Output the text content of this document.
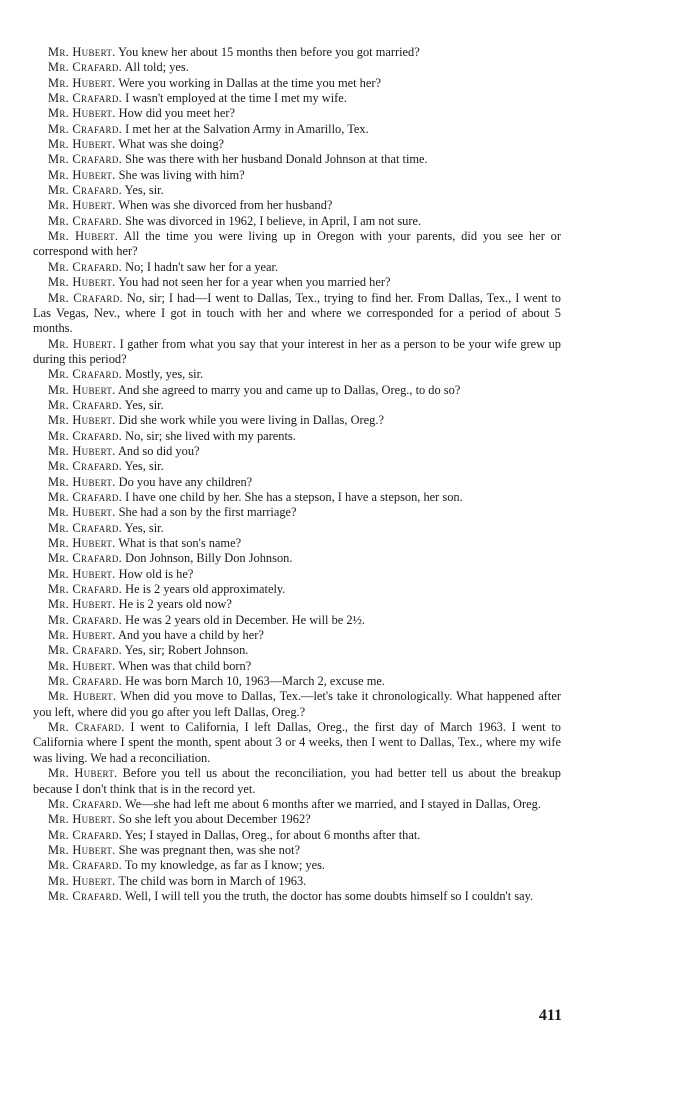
Mr. Hubert. You knew her about 15 months then before you got married?

Mr. Crafard. All told; yes.

Mr. Hubert. Were you working in Dallas at the time you met her?

Mr. Crafard. I wasn't employed at the time I met my wife.

Mr. Hubert. How did you meet her?

Mr. Crafard. I met her at the Salvation Army in Amarillo, Tex.

Mr. Hubert. What was she doing?

Mr. Crafard. She was there with her husband Donald Johnson at that time.

Mr. Hubert. She was living with him?

Mr. Crafard. Yes, sir.

Mr. Hubert. When was she divorced from her husband?

Mr. Crafard. She was divorced in 1962, I believe, in April, I am not sure.

Mr. Hubert. All the time you were living up in Oregon with your parents, did you see her or correspond with her?

Mr. Crafard. No; I hadn't saw her for a year.

Mr. Hubert. You had not seen her for a year when you married her?

Mr. Crafard. No, sir; I had—I went to Dallas, Tex., trying to find her. From Dallas, Tex., I went to Las Vegas, Nev., where I got in touch with her and where we corresponded for a period of about 5 months.

Mr. Hubert. I gather from what you say that your interest in her as a person to be your wife grew up during this period?

Mr. Crafard. Mostly, yes, sir.

Mr. Hubert. And she agreed to marry you and came up to Dallas, Oreg., to do so?

Mr. Crafard. Yes, sir.

Mr. Hubert. Did she work while you were living in Dallas, Oreg.?

Mr. Crafard. No, sir; she lived with my parents.

Mr. Hubert. And so did you?

Mr. Crafard. Yes, sir.

Mr. Hubert. Do you have any children?

Mr. Crafard. I have one child by her. She has a stepson, I have a stepson, her son.

Mr. Hubert. She had a son by the first marriage?

Mr. Crafard. Yes, sir.

Mr. Hubert. What is that son's name?

Mr. Crafard. Don Johnson, Billy Don Johnson.

Mr. Hubert. How old is he?

Mr. Crafard. He is 2 years old approximately.

Mr. Hubert. He is 2 years old now?

Mr. Crafard. He was 2 years old in December. He will be 2½.

Mr. Hubert. And you have a child by her?

Mr. Crafard. Yes, sir; Robert Johnson.

Mr. Hubert. When was that child born?

Mr. Crafard. He was born March 10, 1963—March 2, excuse me.

Mr. Hubert. When did you move to Dallas, Tex.—let's take it chronologically. What happened after you left, where did you go after you left Dallas, Oreg.?

Mr. Crafard. I went to California, I left Dallas, Oreg., the first day of March 1963. I went to California where I spent the month, spent about 3 or 4 weeks, then I went to Dallas, Tex., where my wife was living. We had a reconciliation.

Mr. Hubert. Before you tell us about the reconciliation, you had better tell us about the breakup because I don't think that is in the record yet.

Mr. Crafard. We—she had left me about 6 months after we married, and I stayed in Dallas, Oreg.

Mr. Hubert. So she left you about December 1962?

Mr. Crafard. Yes; I stayed in Dallas, Oreg., for about 6 months after that.

Mr. Hubert. She was pregnant then, was she not?

Mr. Crafard. To my knowledge, as far as I know; yes.

Mr. Hubert. The child was born in March of 1963.

Mr. Crafard. Well, I will tell you the truth, the doctor has some doubts himself so I couldn't say.

411
